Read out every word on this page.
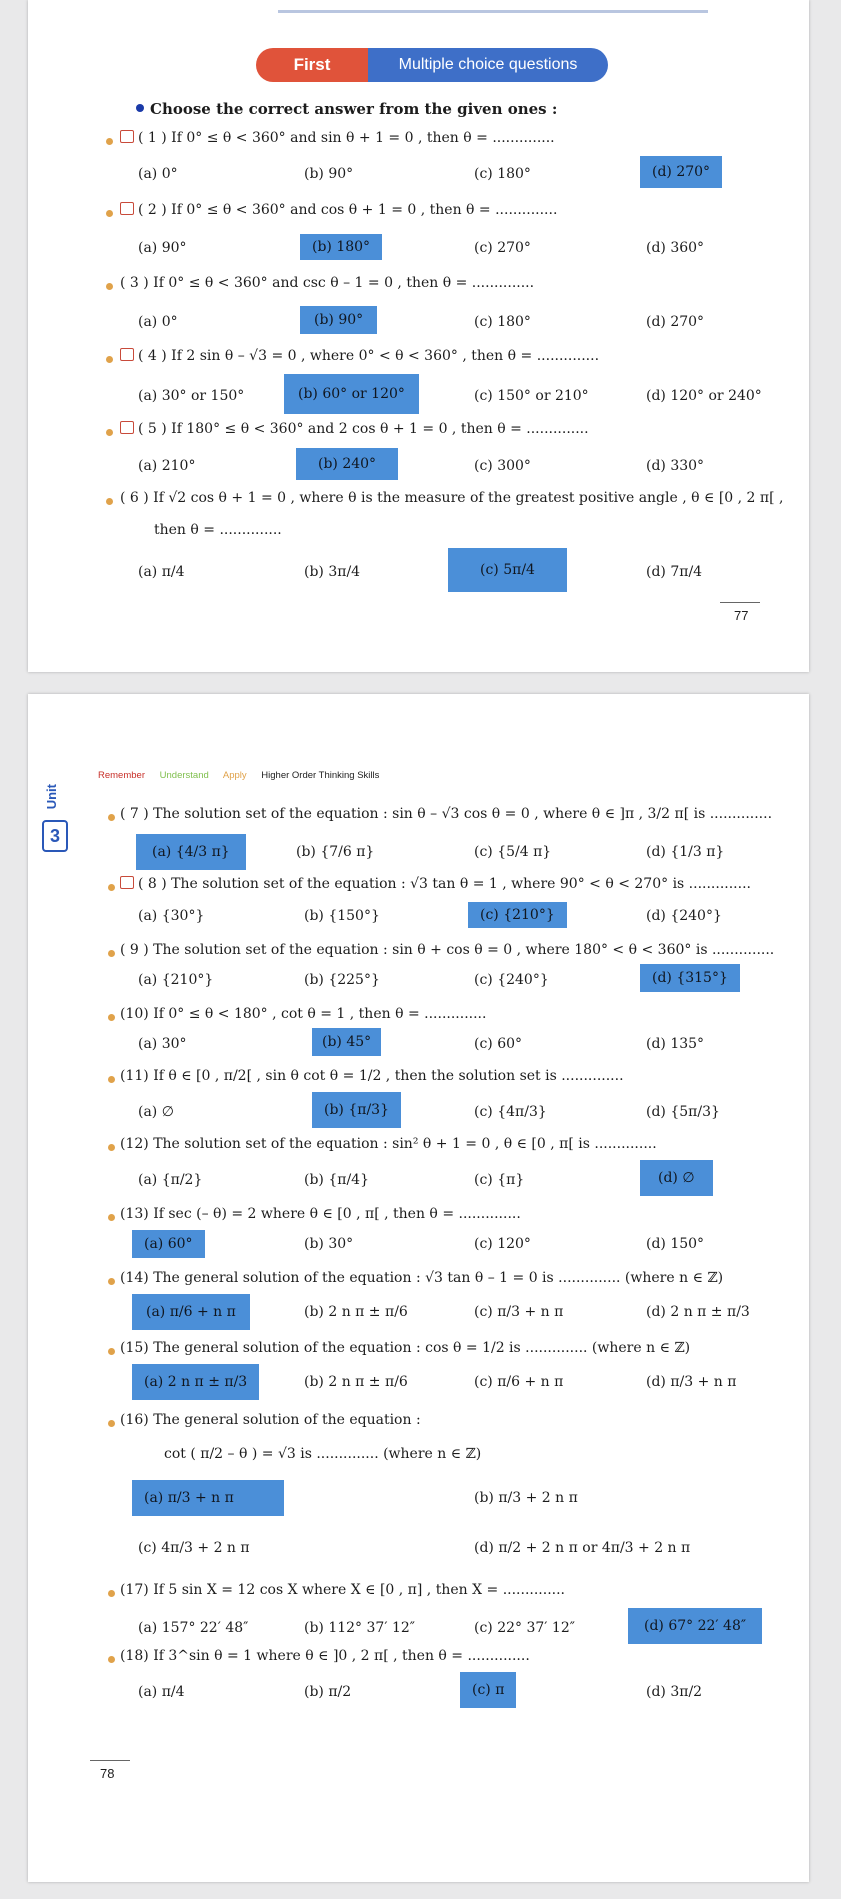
First	Multiple choice questions
Choose the correct answer from the given ones :
( 1 ) If 0° ≤ θ < 360° and sin θ + 1 = 0 , then θ = ..............
(a) 0°	(b) 90°	(c) 180°	(d) 270°
( 2 ) If 0° ≤ θ < 360° and cos θ + 1 = 0 , then θ = ..............
(a) 90°	(b) 180°	(c) 270°	(d) 360°
( 3 ) If 0° ≤ θ < 360° and csc θ – 1 = 0 , then θ = ..............
(a) 0°	(b) 90°	(c) 180°	(d) 270°
( 4 ) If 2 sin θ – √3 = 0 , where 0° < θ < 360° , then θ = ..............
(a) 30° or 150°	(b) 60° or 120°	(c) 150° or 210°	(d) 120° or 240°
( 5 ) If 180° ≤ θ < 360° and 2 cos θ + 1 = 0 , then θ = ..............
(a) 210°	(b) 240°	(c) 300°	(d) 330°
( 6 ) If √2 cos θ + 1 = 0 , where θ is the measure of the greatest positive angle , θ ∈ [0 , 2 π[ ,
then θ = ..............
(a) π/4	(b) 3π/4	(c) 5π/4	(d) 7π/4
77
Remember Understand Apply Higher Order Thinking Skills
Unit
3
( 7 ) The solution set of the equation : sin θ – √3 cos θ = 0 , where θ ∈ ]π , 3/2 π[ is ..............
(a) {4/3 π}	(b) {7/6 π}	(c) {5/4 π}	(d) {1/3 π}
( 8 ) The solution set of the equation : √3 tan θ = 1 , where 90° < θ < 270° is ..............
(a) {30°}	(b) {150°}	(c) {210°}	(d) {240°}
( 9 ) The solution set of the equation : sin θ + cos θ = 0 , where 180° < θ < 360° is ..............
(a) {210°}	(b) {225°}	(c) {240°}	(d) {315°}
(10) If 0° ≤ θ < 180° , cot θ = 1 , then θ = ..............
(a) 30°	(b) 45°	(c) 60°	(d) 135°
(11) If θ ∈ [0 , π/2[ , sin θ cot θ = 1/2 , then the solution set is ..............
(a) ∅	(b) {π/3}	(c) {4π/3}	(d) {5π/3}
(12) The solution set of the equation : sin² θ + 1 = 0 , θ ∈ [0 , π[ is ..............
(a) {π/2}	(b) {π/4}	(c) {π}	(d) ∅
(13) If sec (– θ) = 2 where θ ∈ [0 , π[ , then θ = ..............
(a) 60°	(b) 30°	(c) 120°	(d) 150°
(14) The general solution of the equation : √3 tan θ – 1 = 0 is .............. (where n ∈ ℤ)
(a) π/6 + n π	(b) 2 n π ± π/6	(c) π/3 + n π	(d) 2 n π ± π/3
(15) The general solution of the equation : cos θ = 1/2 is .............. (where n ∈ ℤ)
(a) 2 n π ± π/3	(b) 2 n π ± π/6	(c) π/6 + n π	(d) π/3 + n π
(16) The general solution of the equation :
cot ( π/2 – θ ) = √3 is .............. (where n ∈ ℤ)
(a) π/3 + n π	(b) π/3 + 2 n π
(c) 4π/3 + 2 n π	(d) π/2 + 2 n π or 4π/3 + 2 n π
(17) If 5 sin X = 12 cos X where X ∈ [0 , π] , then X = ..............
(a) 157° 22′ 48″	(b) 112° 37′ 12″	(c) 22° 37′ 12″	(d) 67° 22′ 48″
(18) If 3^sin θ = 1 where θ ∈ ]0 , 2 π[ , then θ = ..............
(a) π/4	(b) π/2	(c) π	(d) 3π/2
78
